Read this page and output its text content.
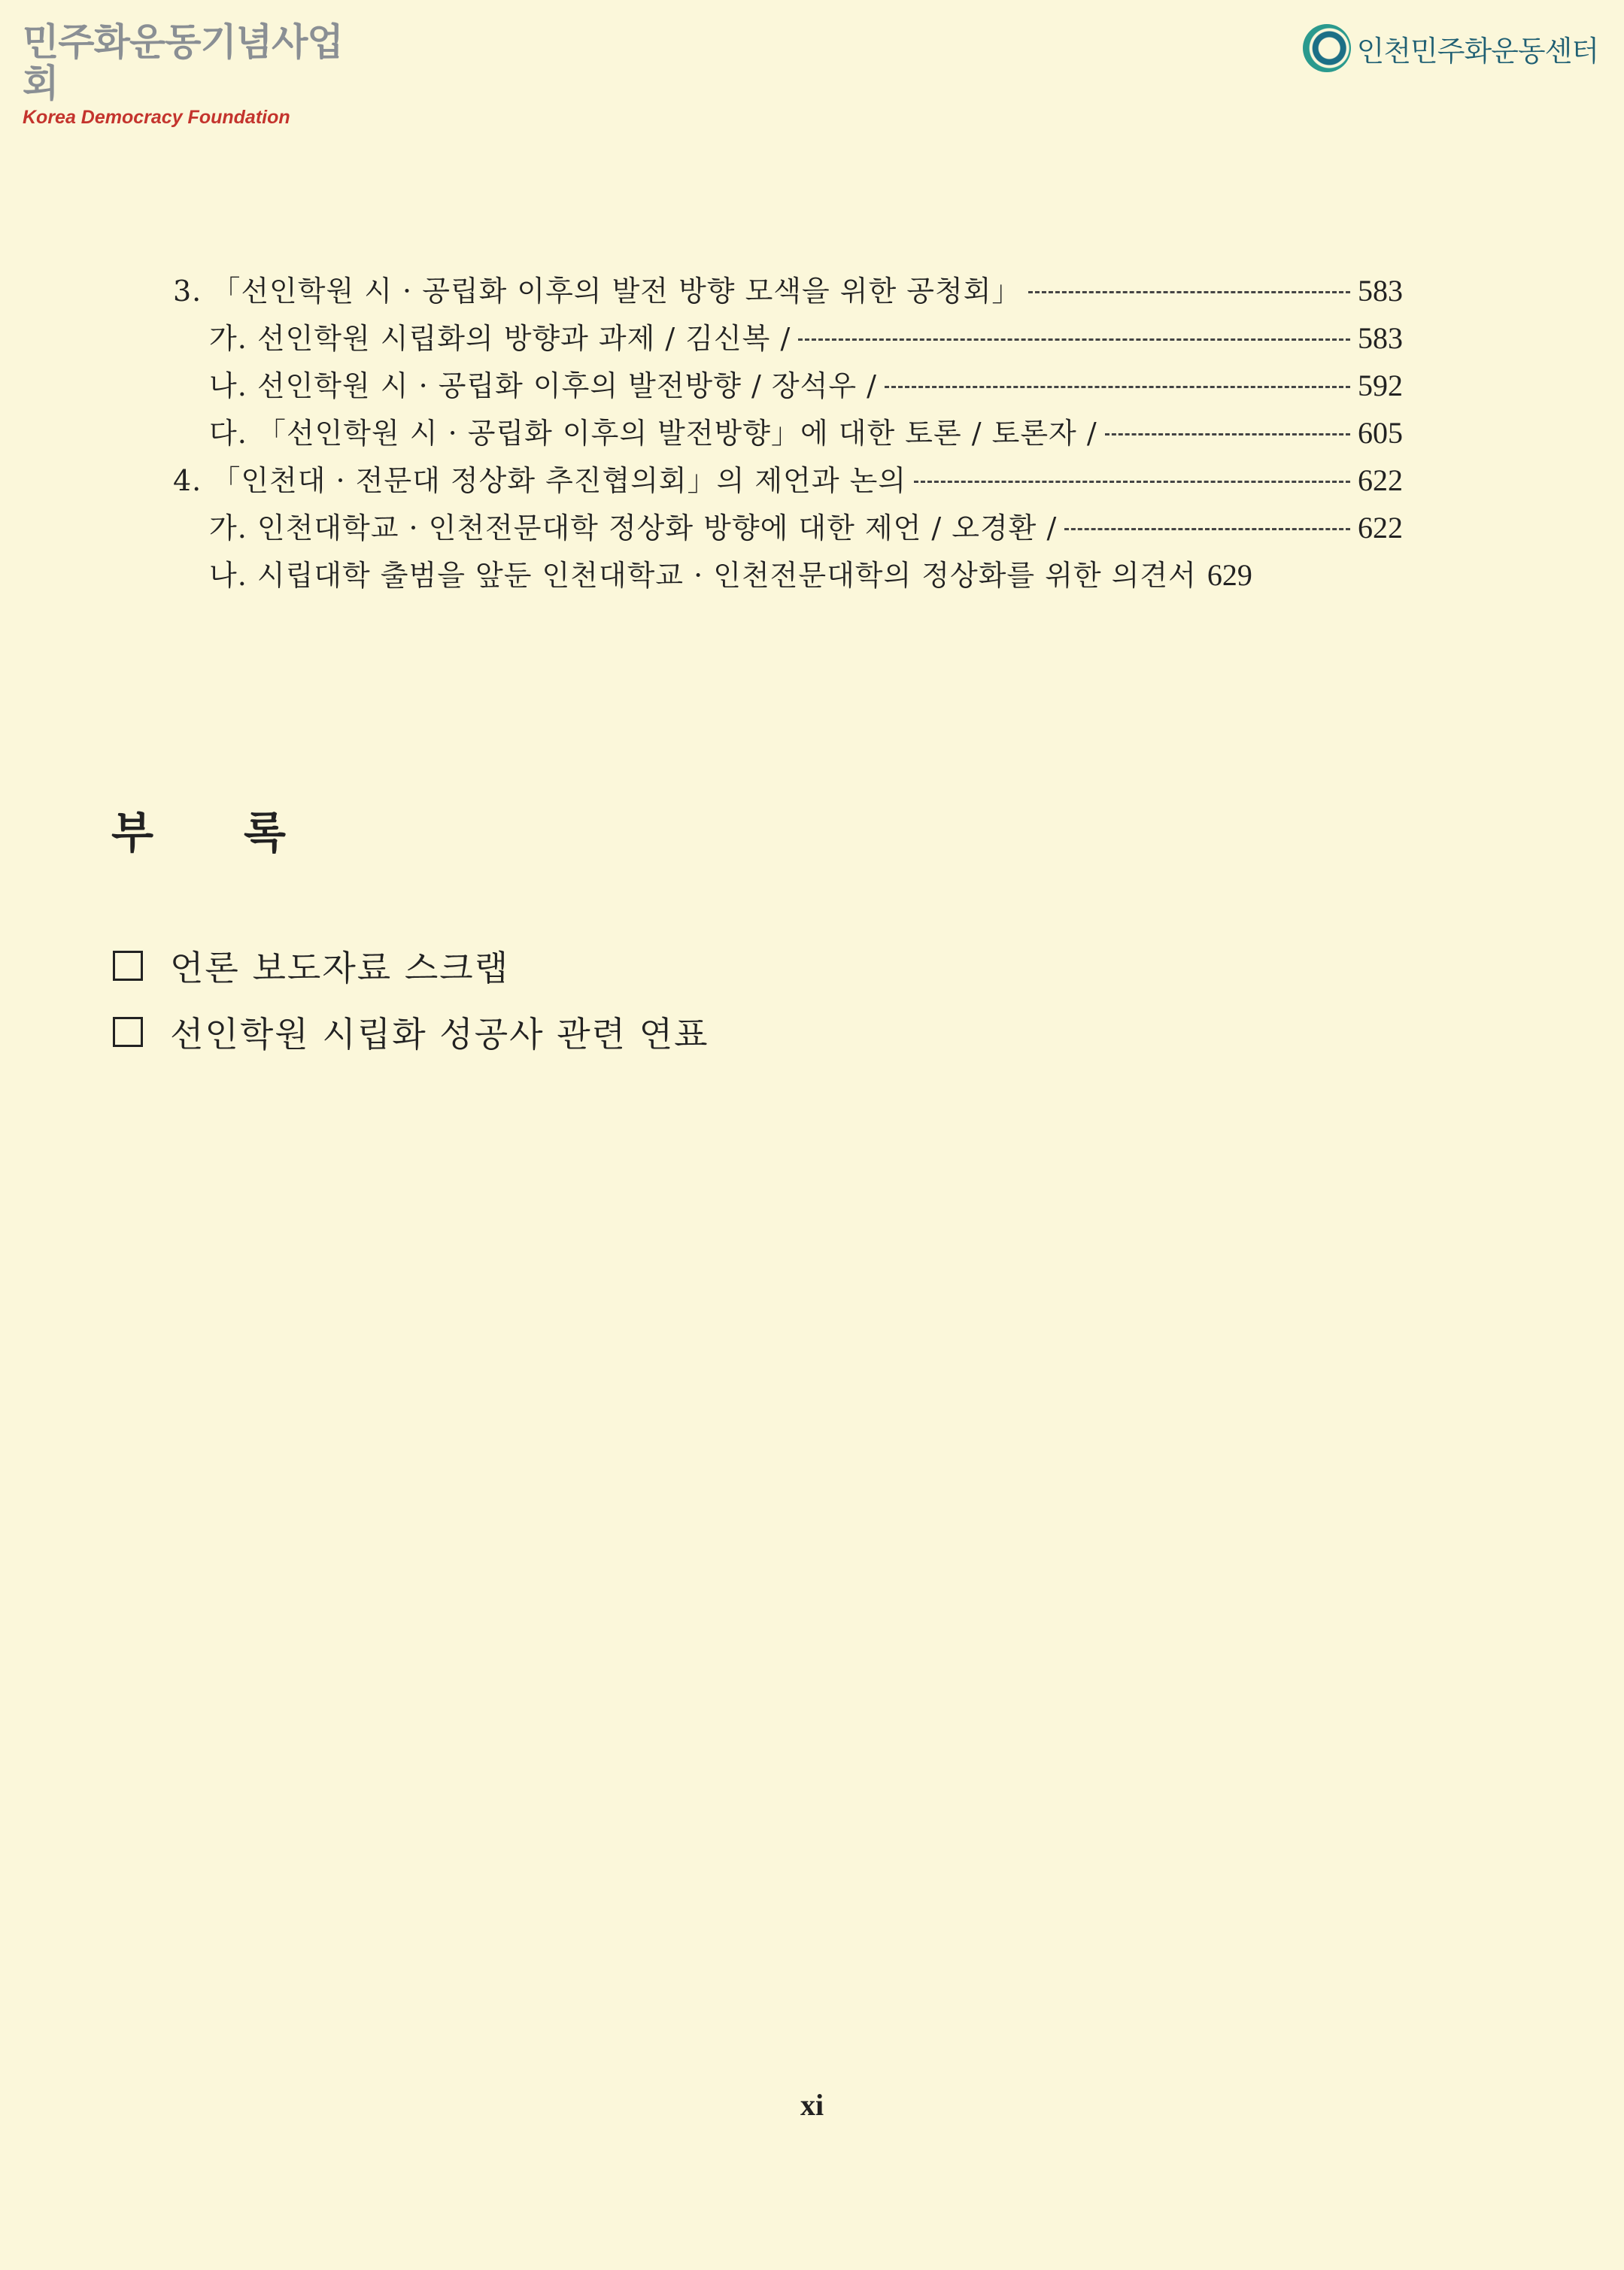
민주화운동기념사업회
Korea Democracy Foundation
인천민주화운동센터
3. 「선인학원 시 · 공립화 이후의 발전 방향 모색을 위한 공청회」	583
가. 선인학원 시립화의 방향과 과제 / 김신복 /	583
나. 선인학원 시 · 공립화 이후의 발전방향 / 장석우 /	592
다. 「선인학원 시 · 공립화 이후의 발전방향」에 대한 토론 / 토론자 /	605
4. 「인천대 · 전문대 정상화 추진협의회」의 제언과 논의	622
가. 인천대학교 · 인천전문대학 정상화 방향에 대한 제언 / 오경환 /	622
나. 시립대학 출범을 앞둔 인천대학교 · 인천전문대학의 정상화를 위한 의견서 629
부록
언론 보도자료 스크랩
선인학원 시립화 성공사 관련 연표
xi
